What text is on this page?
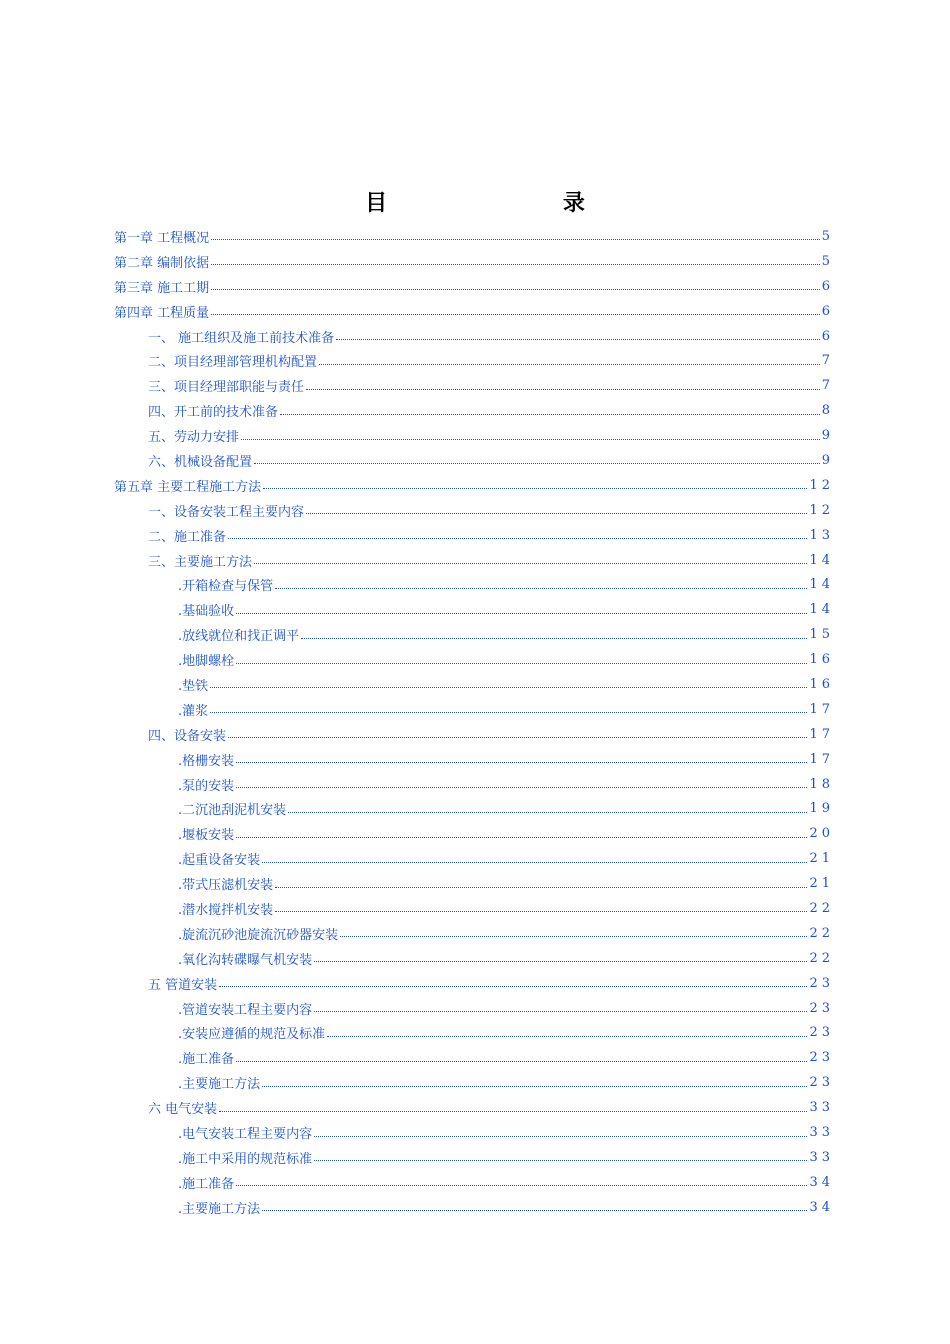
目 录
第一章 工程概况	5
第二章 编制依据	5
第三章 施工工期	6
第四章 工程质量	6
一、 施工组织及施工前技术准备	6
二、项目经理部管理机构配置	7
三、项目经理部职能与责任	7
四、开工前的技术准备	8
五、劳动力安排	9
六、机械设备配置	9
第五章 主要工程施工方法	12
一、设备安装工程主要内容	12
二、施工准备	13
三、主要施工方法	14
.开箱检查与保管	14
.基础验收	14
.放线就位和找正调平	15
.地脚螺栓	16
.垫铁	16
.灌浆	17
四、设备安装	17
.格栅安装	17
.泵的安装	18
.二沉池刮泥机安装	19
.堰板安装	20
.起重设备安装	21
.带式压滤机安装	21
.潜水搅拌机安装	22
.旋流沉砂池旋流沉砂器安装	22
.氧化沟转碟曝气机安装	22
五 管道安装	23
.管道安装工程主要内容	23
.安装应遵循的规范及标准	23
.施工准备	23
.主要施工方法	23
六 电气安装	33
.电气安装工程主要内容	33
.施工中采用的规范标准	33
.施工准备	34
.主要施工方法	34
